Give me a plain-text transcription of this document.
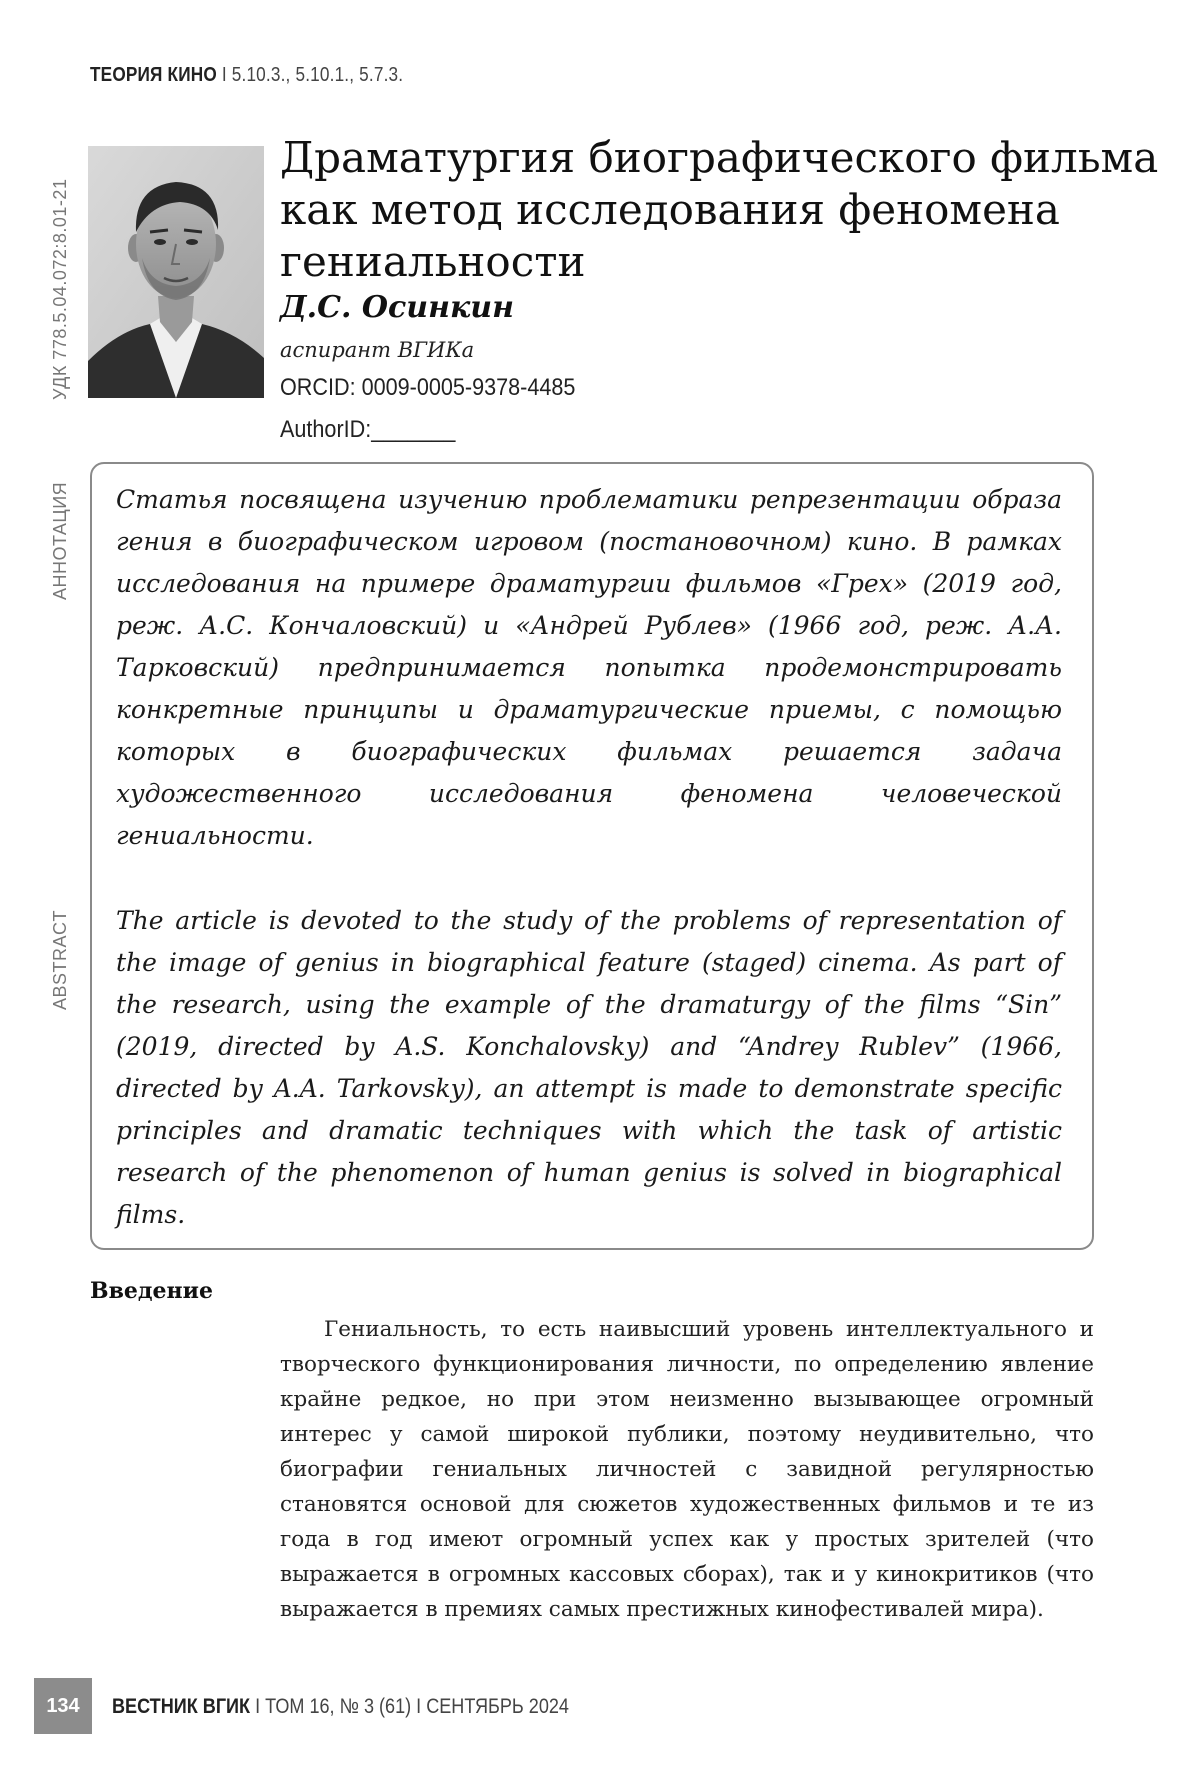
ТЕОРИЯ КИНО I 5.10.3., 5.10.1., 5.7.3.
УДК 778.5.04.072:8.01-21
АННОТАЦИЯ
ABSTRACT
Драматургия биографического фильма как метод исследования феномена гениальности
Д.С. Осинкин
аспирант ВГИКа
ORCID: 0009-0005-9378-4485
AuthorID:_______

Статья посвящена изучению проблематики репрезентации образа гения в биографическом игровом (постановочном) кино. В рамках исследования на примере драматургии фильмов «Грех» (2019 год, реж. А.С. Кончаловский) и «Андрей Рублев» (1966 год, реж. А.А. Тарковский) предпринимается попытка продемонстрировать конкретные принципы и драматургические приемы, с помощью которых в биографических фильмах решается задача художественного исследования феномена человеческой гениальности.

The article is devoted to the study of the problems of representation of the image of genius in biographical feature (staged) cinema. As part of the research, using the example of the dramaturgy of the films “Sin” (2019, directed by A.S. Konchalovsky) and “Andrey Rublev” (1966, directed by A.A. Tarkovsky), an attempt is made to demonstrate specific principles and dramatic techniques with which the task of artistic research of the phenomenon of human genius is solved in biographical films.

Введение

Гениальность, то есть наивысший уровень интеллектуального и творческого функционирования личности, по определению явление крайне редкое, но при этом неизменно вызывающее огромный интерес у самой широкой публики, поэтому неудивительно, что биографии гениальных личностей с завидной регулярностью становятся основой для сюжетов художественных фильмов и те из года в год имеют огромный успех как у простых зрителей (что выражается в огромных кассовых сборах), так и у кинокритиков (что выражается в премиях самых престижных кинофестивалей мира).

134	ВЕСТНИК ВГИК I ТОМ 16, № 3 (61) I СЕНТЯБРЬ 2024
